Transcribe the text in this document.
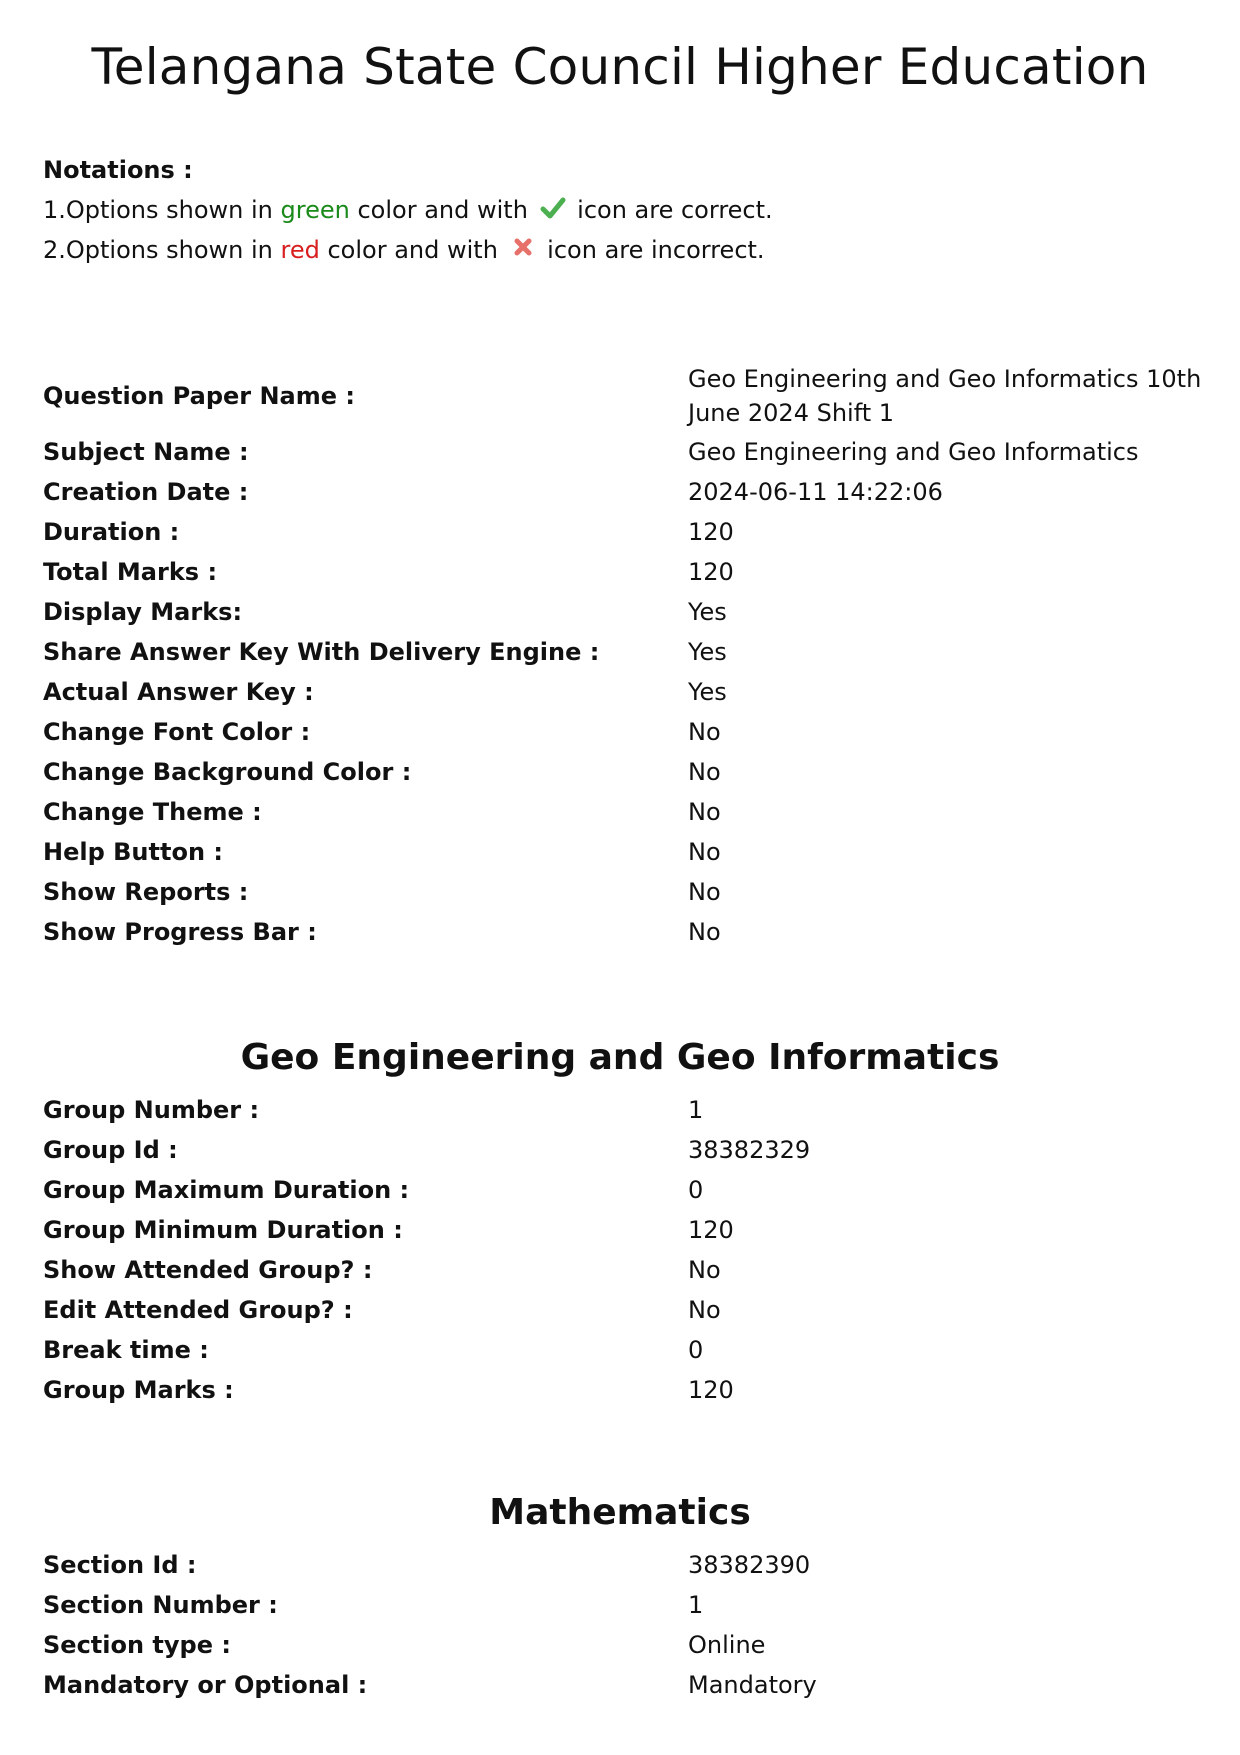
Telangana State Council Higher Education
Notations :
1.Options shown in green color and with  icon are correct.
2.Options shown in red color and with  icon are incorrect.
Question Paper Name :
Geo Engineering and Geo Informatics 10th June 2024 Shift 1
Subject Name :	Geo Engineering and Geo Informatics
Creation Date :	2024-06-11 14:22:06
Duration :	120
Total Marks :	120
Display Marks:	Yes
Share Answer Key With Delivery Engine :	Yes
Actual Answer Key :	Yes
Change Font Color :	No
Change Background Color :	No
Change Theme :	No
Help Button :	No
Show Reports :	No
Show Progress Bar :	No
Geo Engineering and Geo Informatics
Group Number :	1
Group Id :	38382329
Group Maximum Duration :	0
Group Minimum Duration :	120
Show Attended Group? :	No
Edit Attended Group? :	No
Break time :	0
Group Marks :	120
Mathematics
Section Id :	38382390
Section Number :	1
Section type :	Online
Mandatory or Optional :	Mandatory
